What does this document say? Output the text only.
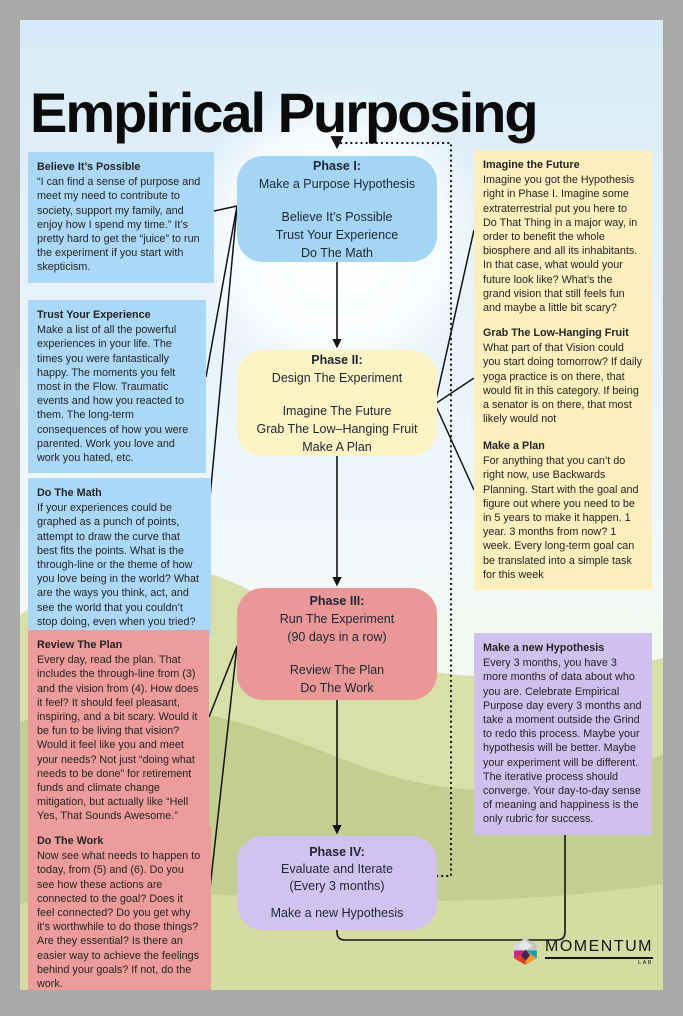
Empirical Purposing
Phase I:
Make a Purpose Hypothesis
Believe It’s Possible
Trust Your Experience
Do The Math
Phase II:
Design The Experiment
Imagine The Future
Grab The Low–Hanging Fruit
Make A Plan
Phase III:
Run The Experiment
(90 days in a row)
Review The Plan
Do The Work
Phase IV:
Evaluate and Iterate
(Every 3 months)
Make a new Hypothesis
Believe It’s Possible
“I can find a sense of purpose and meet my need to contribute to society, support my family, and enjoy how I spend my time.” It’s pretty hard to get the “juice” to run the experiment if you start with skepticism.
Trust Your Experience
Make a list of all the powerful experiences in your life. The times you were fantastically happy. The moments you felt most in the Flow. Traumatic events and how you reacted to them. The long-term consequences of how you were parented. Work you love and work you hated, etc.
Do The Math
If your experiences could be graphed as a punch of points, attempt to draw the curve that best fits the points. What is the through-line or the theme of how you love being in the world? What are the ways you think, act, and see the world that you couldn’t stop doing, even when you tried?
Review The Plan
Every day, read the plan. That includes the through-line from (3) and the vision from (4). How does it feel? It should feel pleasant, inspiring, and a bit scary. Would it be fun to be living that vision? Would it feel like you and meet your needs? Not just “doing what needs to be done” for retirement funds and climate change mitigation, but actually like “Hell Yes, That Sounds Awesome.”
Do The Work
Now see what needs to happen to today, from (5) and (6). Do you see how these actions are connected to the goal? Does it feel connected? Do you get why it’s worthwhile to do those things? Are they essential? Is there an easier way to achieve the feelings behind your goals? If not, do the work.
Imagine the Future
Imagine you got the Hypothesis right in Phase I. Imagine some extraterrestrial put you here to Do That Thing in a major way, in order to benefit the whole biosphere and all its inhabitants. In that case, what would your future look like? What’s the grand vision that still feels fun and maybe a little bit scary?
Grab The Low-Hanging Fruit
What part of that Vision could you start doing tomorrow? If daily yoga practice is on there, that would fit in this category. If being a senator is on there, that most likely would not
Make a Plan
For anything that you can’t do right now, use Backwards Planning. Start with the goal and figure out where you need to be in 5 years to make it happen. 1 year. 3 months from now? 1 week. Every long-term goal can be translated into a simple task for this week
Make a new Hypothesis
Every 3 months, you have 3 more months of data about who you are. Celebrate Empirical Purpose day every 3 months and take a moment outside the Grind to redo this process. Maybe your hypothesis will be better. Maybe your experiment will be different. The iterative process should converge. Your day-to-day sense of meaning and happiness is the only rubric for success.
MOMENTUM
LAB
